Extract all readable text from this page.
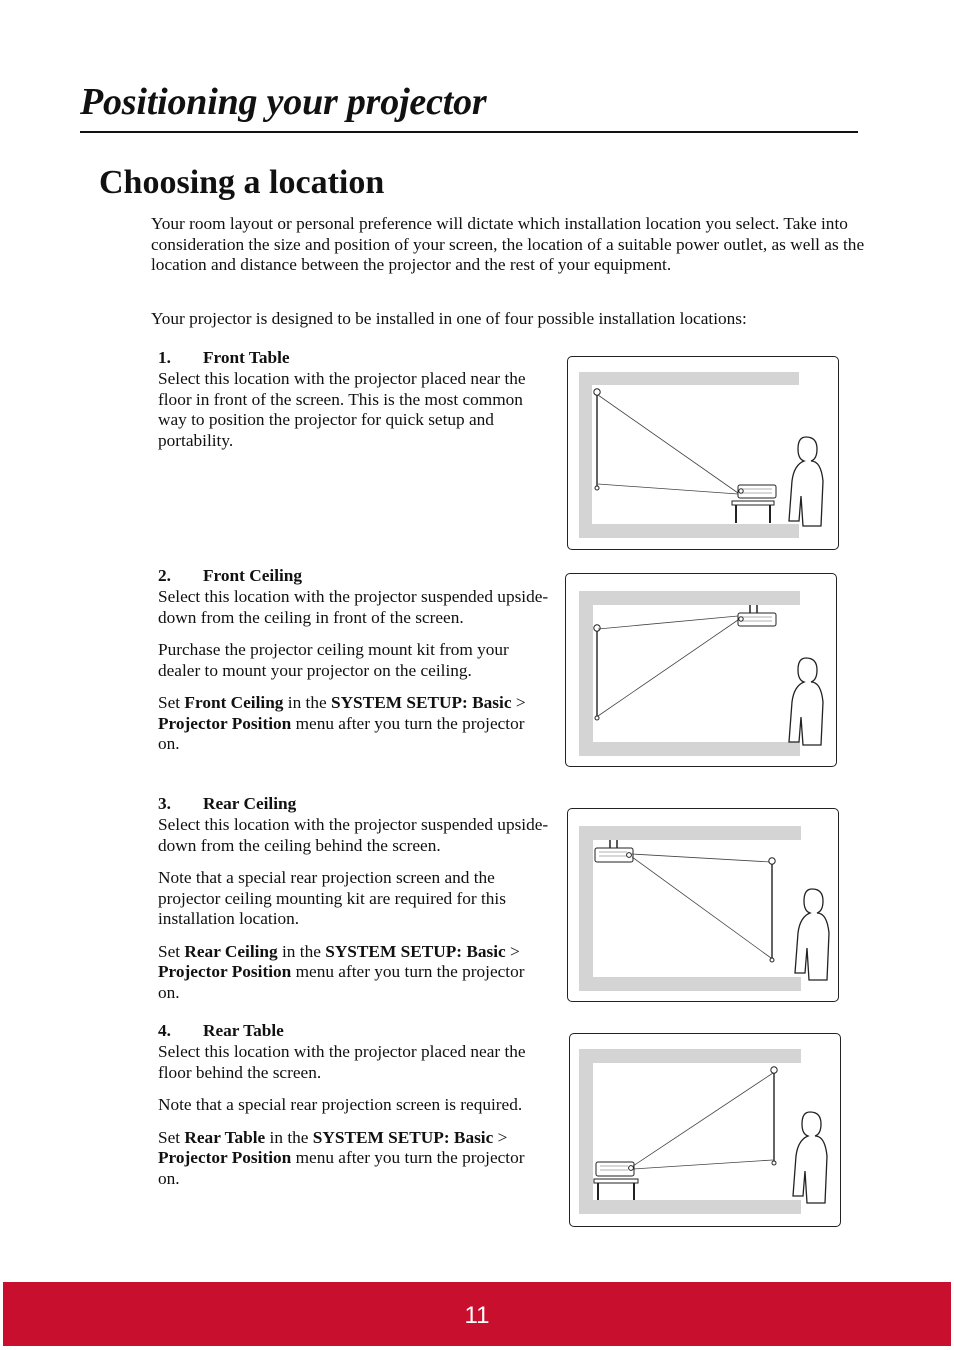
Positioning your projector
Choosing a location

Your room layout or personal preference will dictate which installation location you select. Take into consideration the size and position of your screen, the location of a suitable power outlet, as well as the location and distance between the projector and the rest of your equipment.

Your projector is designed to be installed in one of four possible installation locations:

1. Front Table

Select this location with the projector placed near the floor in front of the screen. This is the most common way to position the projector for quick setup and portability.

2. Front Ceiling

Select this location with the projector suspended upside-down from the ceiling in front of the screen.

Purchase the projector ceiling mount kit from your dealer to mount your projector on the ceiling.

Set Front Ceiling in the SYSTEM SETUP: Basic > Projector Position menu after you turn the projector on.

3. Rear Ceiling

Select this location with the projector suspended upside-down from the ceiling behind the screen.

Note that a special rear projection screen and the projector ceiling mounting kit are required for this installation location.

Set Rear Ceiling in the SYSTEM SETUP: Basic > Projector Position menu after you turn the projector on.

4. Rear Table

Select this location with the projector placed near the floor behind the screen.

Note that a special rear projection screen is required.

Set Rear Table in the SYSTEM SETUP: Basic > Projector Position menu after you turn the projector on.

11
